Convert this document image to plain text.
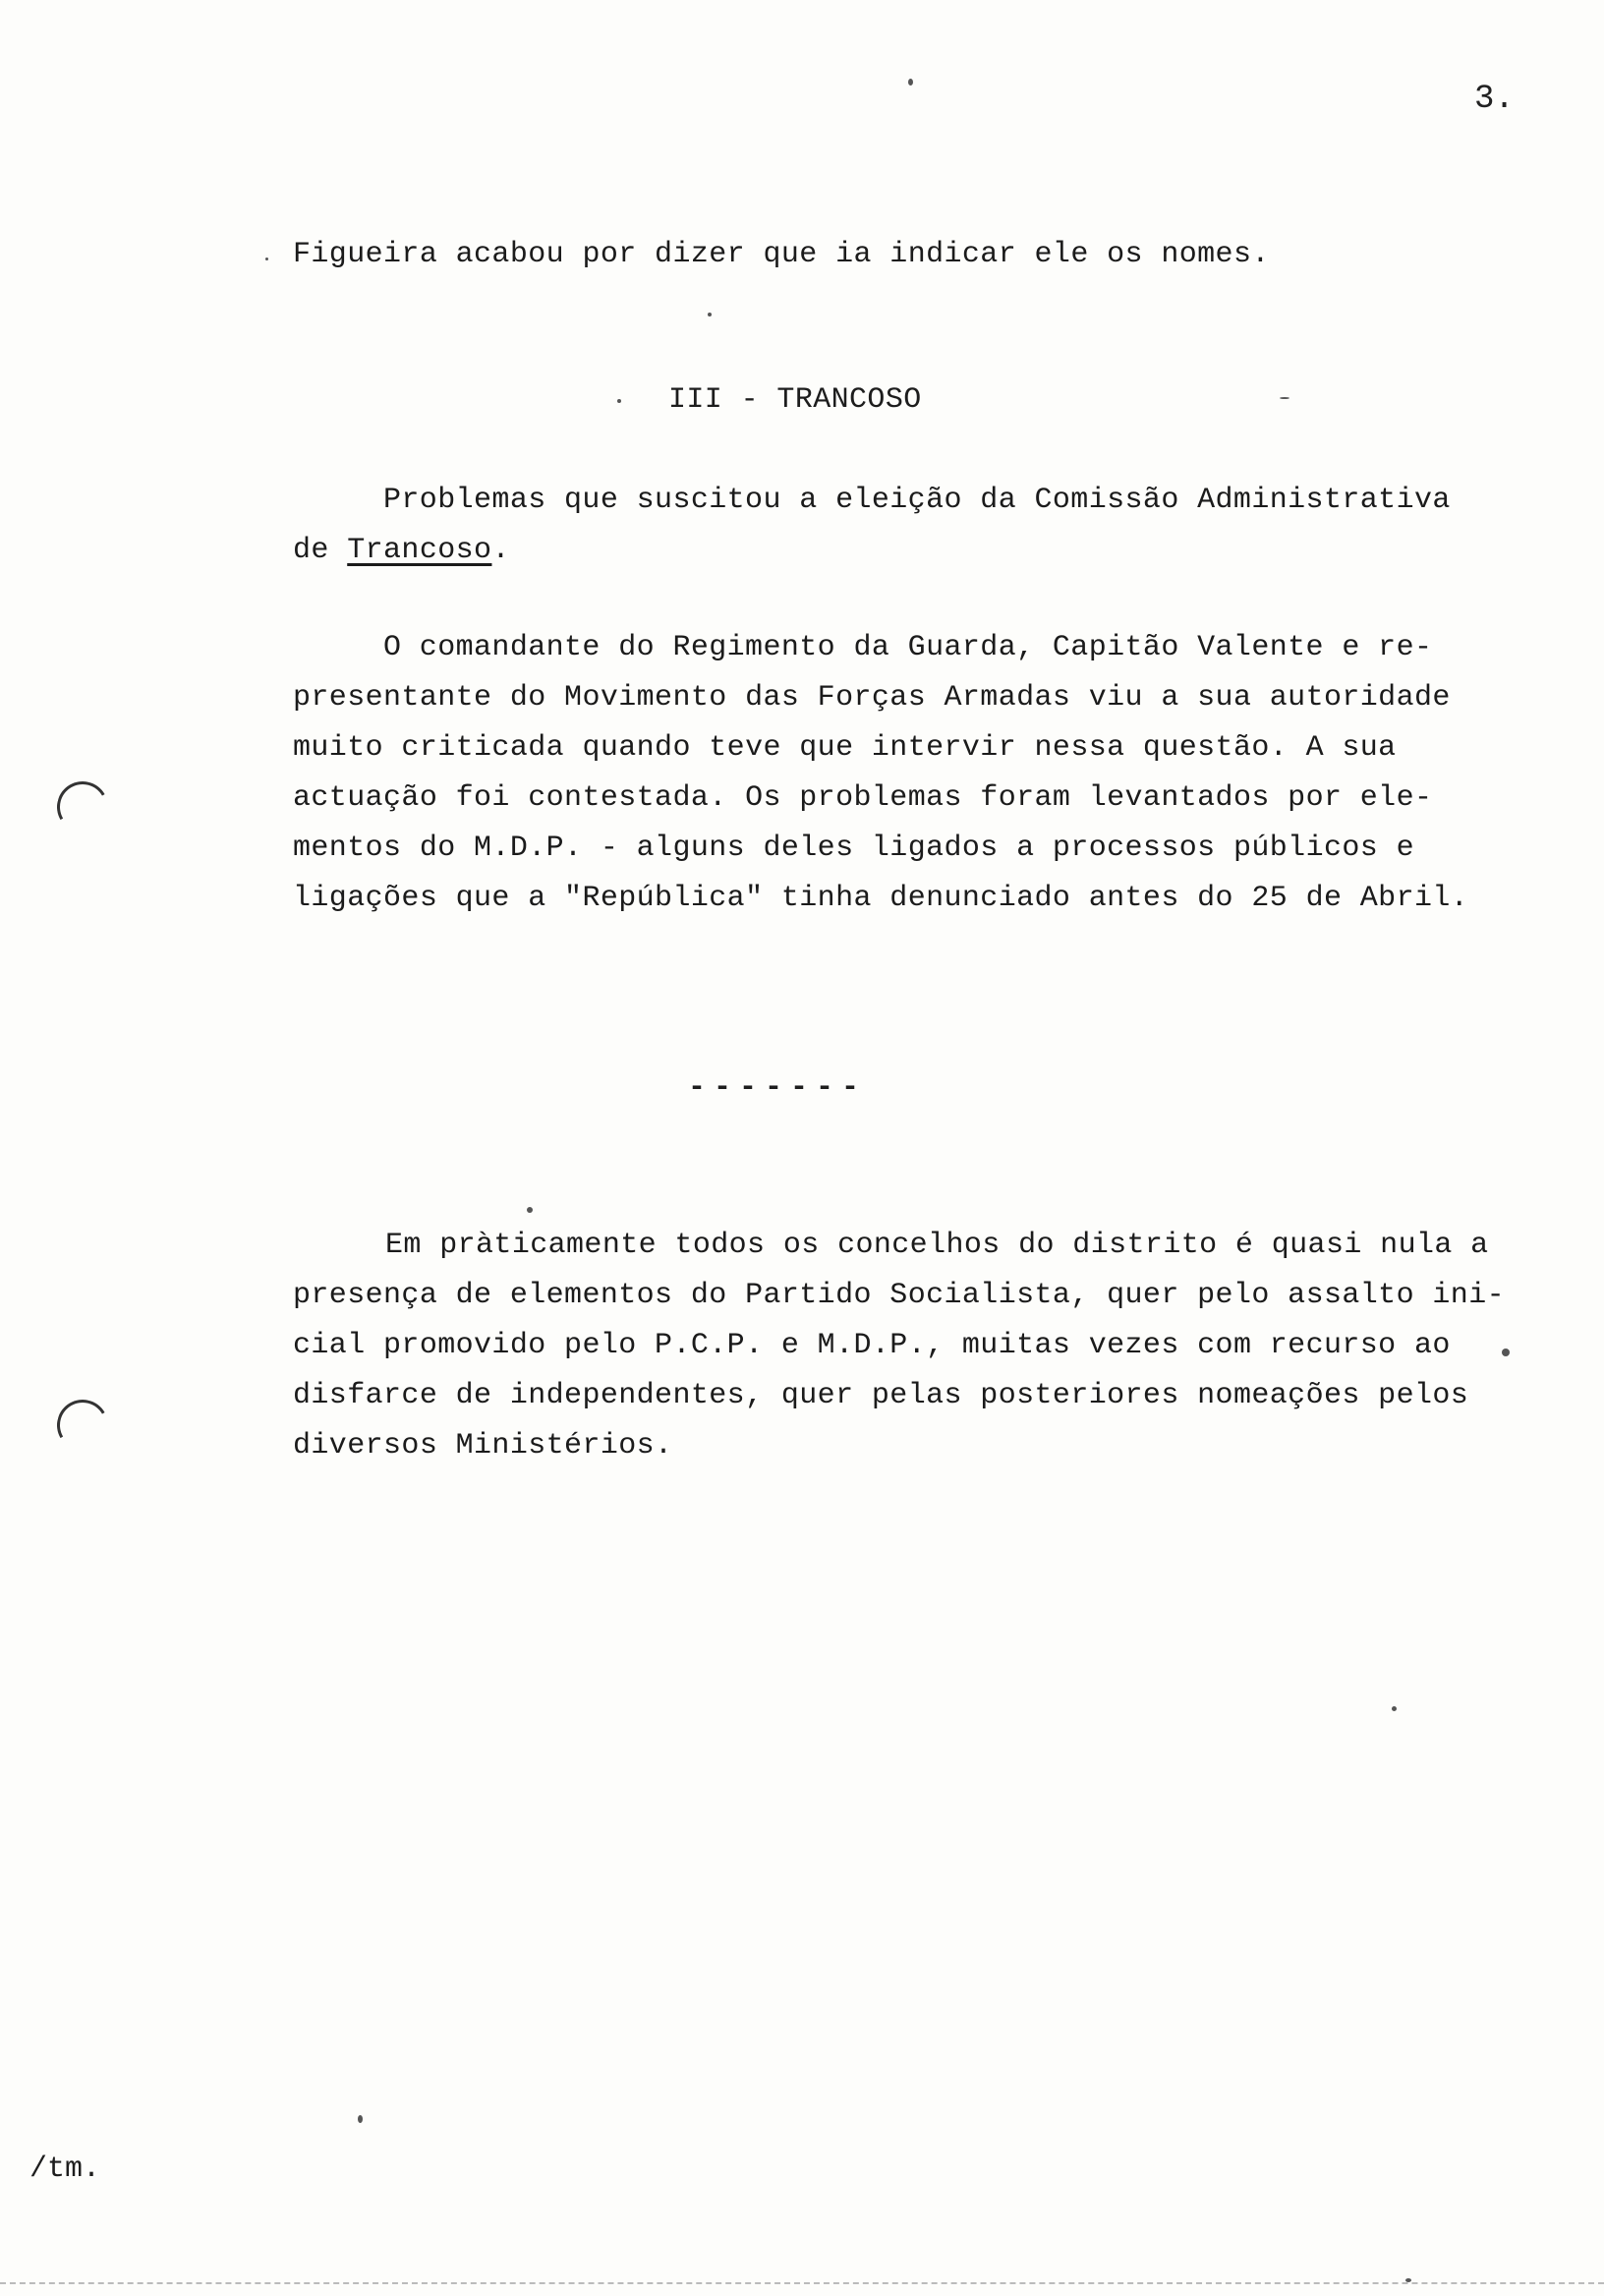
3.
Figueira acabou por dizer que ia indicar ele os nomes.
III - TRANCOSO
Problemas que suscitou a eleição da Comissão Administrativa
de Trancoso.
O comandante do Regimento da Guarda, Capitão Valente e re-
presentante do Movimento das Forças Armadas viu a sua autoridade
muito criticada quando teve que intervir nessa questão. A sua
actuação foi contestada. Os problemas foram levantados por ele-
mentos do M.D.P. - alguns deles ligados a processos públicos e
ligações que a "República" tinha denunciado antes do 25 de Abril.
-------
Em pràticamente todos os concelhos do distrito é quasi nula a
presença de elementos do Partido Socialista, quer pelo assalto ini-
cial promovido pelo P.C.P. e M.D.P., muitas vezes com recurso ao
disfarce de independentes, quer pelas posteriores nomeações pelos
diversos Ministérios.
/tm.
